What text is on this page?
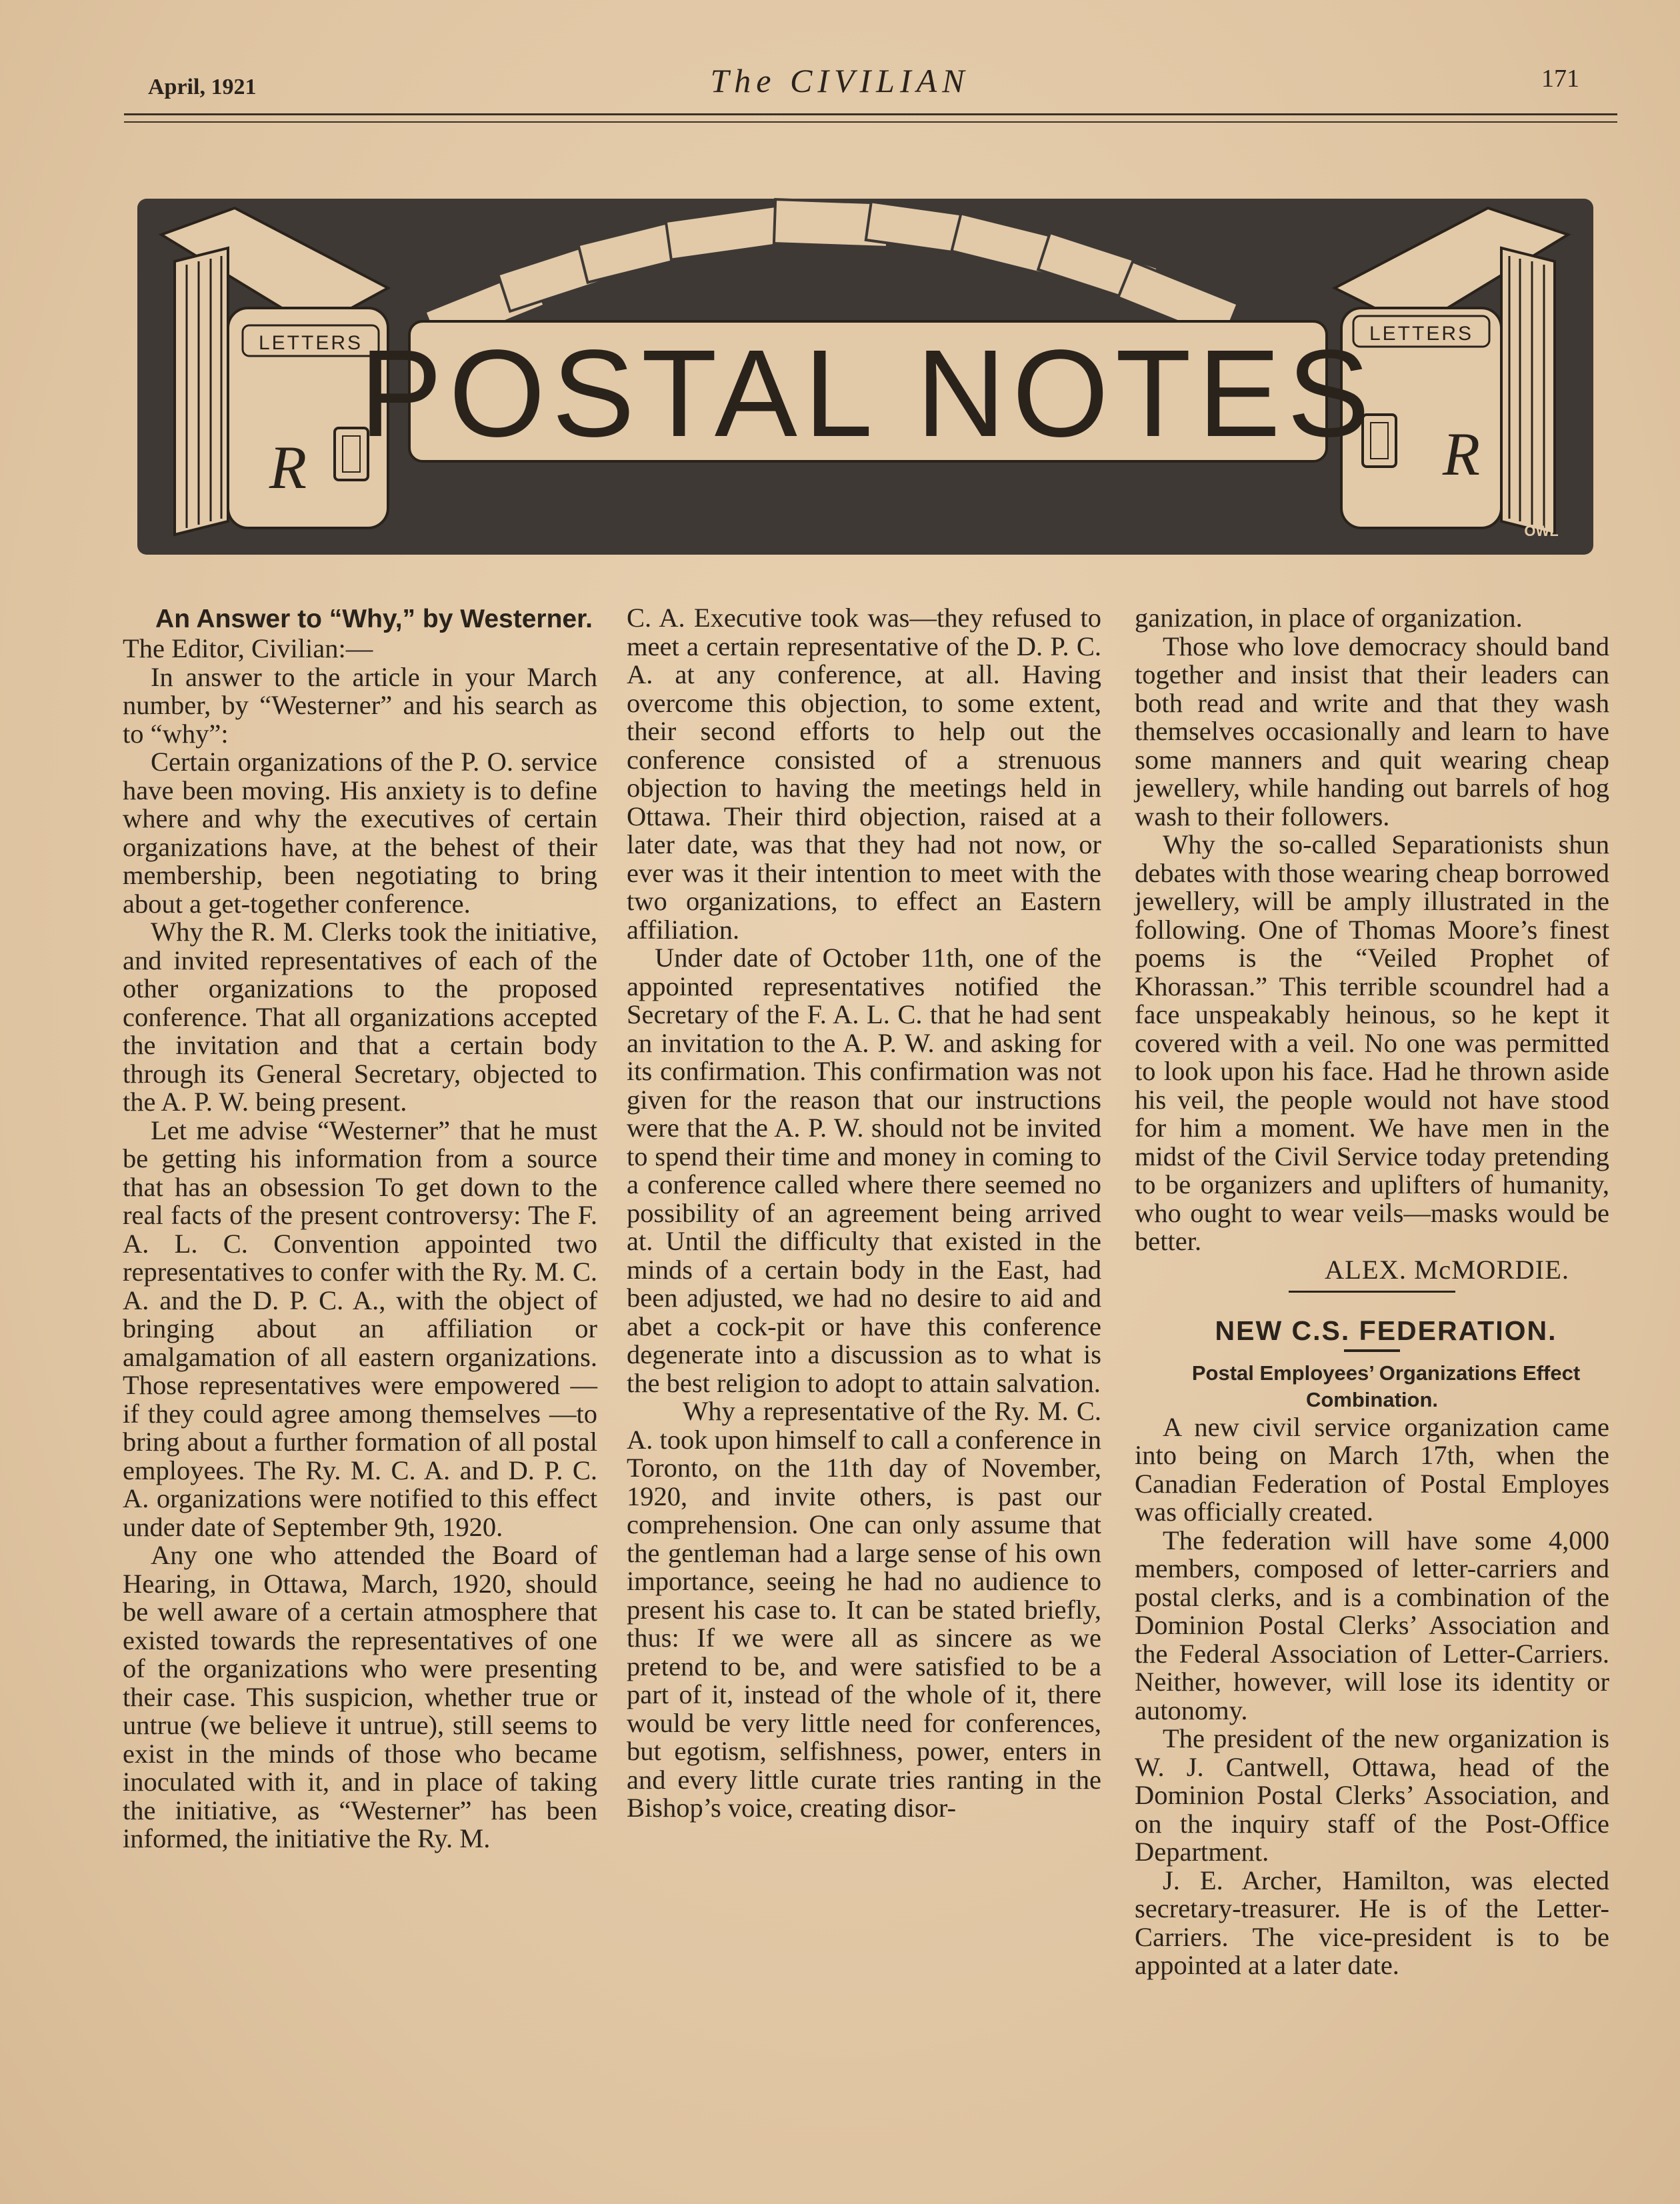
April, 1921	The CIVILIAN	171
LETTERS
R
LETTERS
R
POSTAL NOTES
OWL

An Answer to “Why,” by Westerner.

The Editor, Civilian:—

In answer to the article in your March number, by “Westerner” and his search as to “why”:

Certain organizations of the P. O. service have been moving. His anxiety is to define where and why the executives of certain organizations have, at the behest of their membership, been negotiating to bring about a get-together conference.

Why the R. M. Clerks took the initiative, and invited representatives of each of the other organizations to the proposed conference. That all organizations accepted the invitation and that a certain body through its General Secretary, objected to the A. P. W. being present.

Let me advise “Westerner” that he must be getting his information from a source that has an obsession To get down to the real facts of the present controversy: The F. A. L. C. Convention appointed two representatives to confer with the Ry. M. C. A. and the D. P. C. A., with the object of bringing about an affiliation or amalgamation of all eastern organizations. Those representatives were empowered — if they could agree among themselves —to bring about a further formation of all postal employees. The Ry. M. C. A. and D. P. C. A. organizations were notified to this effect under date of September 9th, 1920.

Any one who attended the Board of Hearing, in Ottawa, March, 1920, should be well aware of a certain atmosphere that existed towards the representatives of one of the organizations who were presenting their case. This suspicion, whether true or untrue (we believe it untrue), still seems to exist in the minds of those who became inoculated with it, and in place of taking the initiative, as “Westerner” has been informed, the initiative the Ry. M.

C. A. Executive took was—they refused to meet a certain representative of the D. P. C. A. at any conference, at all. Having overcome this objection, to some extent, their second efforts to help out the conference consisted of a strenuous objection to having the meetings held in Ottawa. Their third objection, raised at a later date, was that they had not now, or ever was it their intention to meet with the two organizations, to effect an Eastern affiliation.

Under date of October 11th, one of the appointed representatives notified the Secretary of the F. A. L. C. that he had sent an invitation to the A. P. W. and asking for its confirmation. This confirmation was not given for the reason that our instructions were that the A. P. W. should not be invited to spend their time and money in coming to a conference called where there seemed no possibility of an agreement being arrived at. Until the difficulty that existed in the minds of a certain body in the East, had been adjusted, we had no desire to aid and abet a cock-pit or have this conference degenerate into a discussion as to what is the best religion to adopt to attain salvation.

Why a representative of the Ry. M. C. A. took upon himself to call a conference in Toronto, on the 11th day of November, 1920, and invite others, is past our comprehension. One can only assume that the gentleman had a large sense of his own importance, seeing he had no audience to present his case to. It can be stated briefly, thus: If we were all as sincere as we pretend to be, and were satisfied to be a part of it, instead of the whole of it, there would be very little need for conferences, but egotism, selfishness, power, enters in and every little curate tries ranting in the Bishop’s voice, creating disor-

ganization, in place of organization.

Those who love democracy should band together and insist that their leaders can both read and write and that they wash themselves occasionally and learn to have some manners and quit wearing cheap jewellery, while handing out barrels of hog wash to their followers.

Why the so-called Separationists shun debates with those wearing cheap borrowed jewellery, will be amply illustrated in the following. One of Thomas Moore’s finest poems is the “Veiled Prophet of Khorassan.” This terrible scoundrel had a face unspeakably heinous, so he kept it covered with a veil. No one was permitted to look upon his face. Had he thrown aside his veil, the people would not have stood for him a moment. We have men in the midst of the Civil Service today pretending to be organizers and uplifters of humanity, who ought to wear veils—masks would be better.

ALEX. McMORDIE.

NEW C.S. FEDERATION.

Postal Employees’ Organizations Effect Combination.

A new civil service organization came into being on March 17th, when the Canadian Federation of Postal Employes was officially created.

The federation will have some 4,000 members, composed of letter-carriers and postal clerks, and is a combination of the Dominion Postal Clerks’ Association and the Federal Association of Letter-Carriers. Neither, however, will lose its identity or autonomy.

The president of the new organization is W. J. Cantwell, Ottawa, head of the Dominion Postal Clerks’ Association, and on the inquiry staff of the Post-Office Department.

J. E. Archer, Hamilton, was elected secretary-treasurer. He is of the Letter-Carriers. The vice-president is to be appointed at a later date.
